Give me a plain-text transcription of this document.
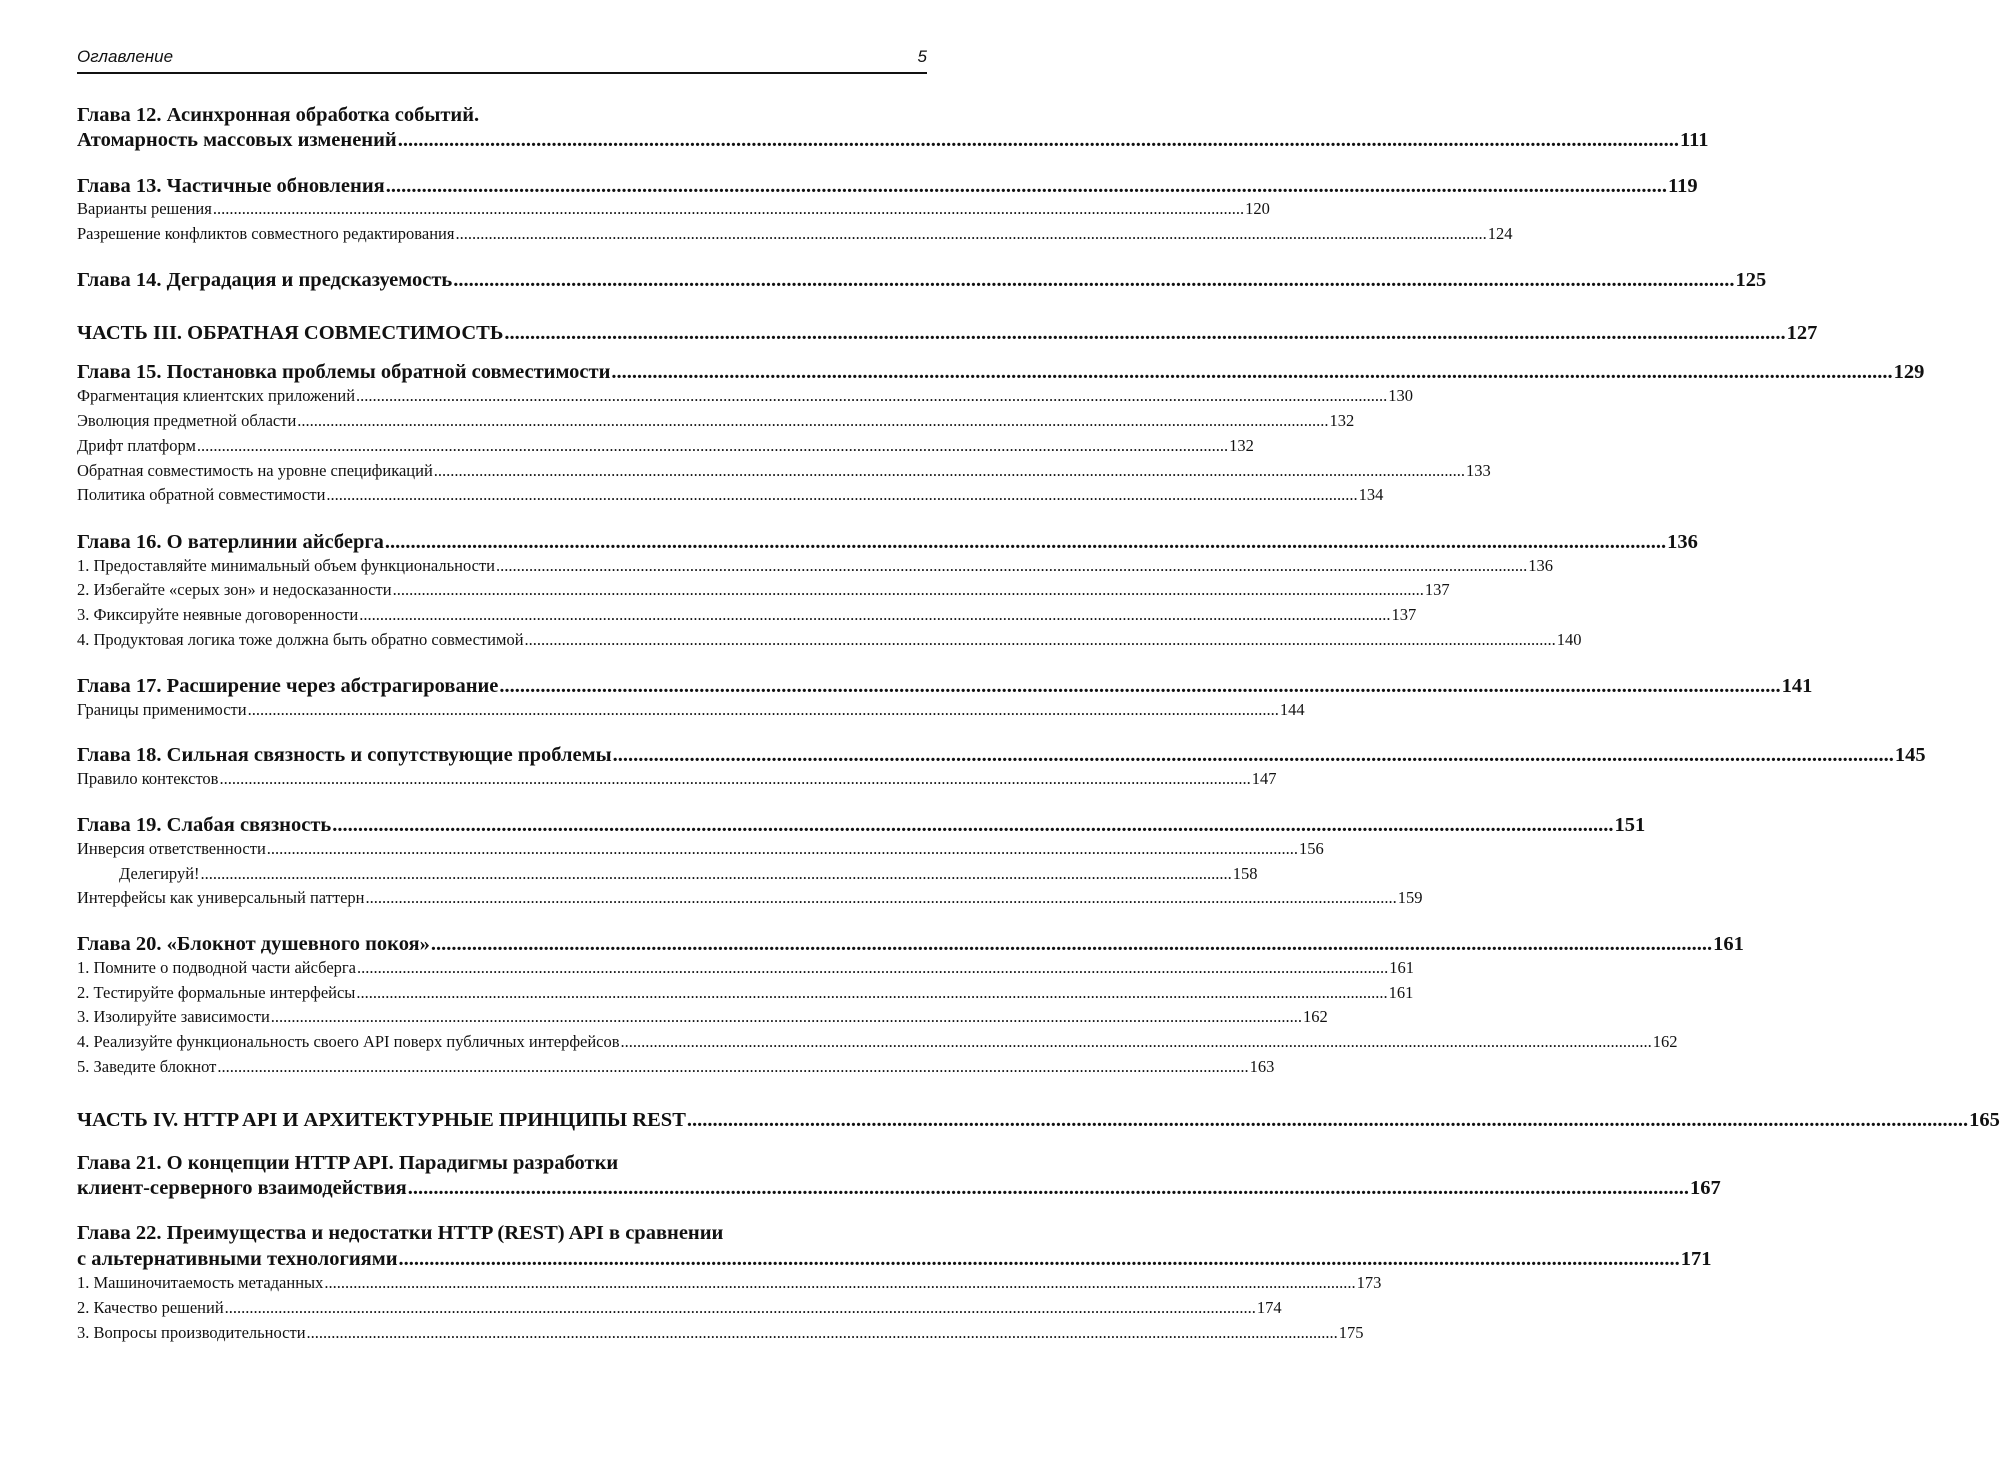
Оглавление	5
Глава 12. Асинхронная обработка событий.
Атомарность массовых изменений .......................................................................................................................................................................................................................................................... 111
Глава 13. Частичные обновления .......................................................................................................................................................................................................................................................... 119
Варианты решения .......................................................................................................................................................................................................................................................... 120
Разрешение конфликтов совместного редактирования .......................................................................................................................................................................................................................................................... 124
Глава 14. Деградация и предсказуемость .......................................................................................................................................................................................................................................................... 125
ЧАСТЬ III. ОБРАТНАЯ СОВМЕСТИМОСТЬ .......................................................................................................................................................................................................................................................... 127
Глава 15. Постановка проблемы обратной совместимости .......................................................................................................................................................................................................................................................... 129
Фрагментация клиентских приложений .......................................................................................................................................................................................................................................................... 130
Эволюция предметной области .......................................................................................................................................................................................................................................................... 132
Дрифт платформ .......................................................................................................................................................................................................................................................... 132
Обратная совместимость на уровне спецификаций .......................................................................................................................................................................................................................................................... 133
Политика обратной совместимости .......................................................................................................................................................................................................................................................... 134
Глава 16. О ватерлинии айсберга .......................................................................................................................................................................................................................................................... 136
1. Предоставляйте минимальный объем функциональности .......................................................................................................................................................................................................................................................... 136
2. Избегайте «серых зон» и недосказанности .......................................................................................................................................................................................................................................................... 137
3. Фиксируйте неявные договоренности .......................................................................................................................................................................................................................................................... 137
4. Продуктовая логика тоже должна быть обратно совместимой .......................................................................................................................................................................................................................................................... 140
Глава 17. Расширение через абстрагирование .......................................................................................................................................................................................................................................................... 141
Границы применимости .......................................................................................................................................................................................................................................................... 144
Глава 18. Сильная связность и сопутствующие проблемы .......................................................................................................................................................................................................................................................... 145
Правило контекстов .......................................................................................................................................................................................................................................................... 147
Глава 19. Слабая связность .......................................................................................................................................................................................................................................................... 151
Инверсия ответственности .......................................................................................................................................................................................................................................................... 156
Делегируй! .......................................................................................................................................................................................................................................................... 158
Интерфейсы как универсальный паттерн .......................................................................................................................................................................................................................................................... 159
Глава 20. «Блокнот душевного покоя» .......................................................................................................................................................................................................................................................... 161
1. Помните о подводной части айсберга .......................................................................................................................................................................................................................................................... 161
2. Тестируйте формальные интерфейсы .......................................................................................................................................................................................................................................................... 161
3. Изолируйте зависимости .......................................................................................................................................................................................................................................................... 162
4. Реализуйте функциональность своего API поверх публичных интерфейсов .......................................................................................................................................................................................................................................................... 162
5. Заведите блокнот .......................................................................................................................................................................................................................................................... 163
ЧАСТЬ IV. HTTP API И АРХИТЕКТУРНЫЕ ПРИНЦИПЫ REST .......................................................................................................................................................................................................................................................... 165
Глава 21. О концепции HTTP API. Парадигмы разработки
клиент-серверного взаимодействия .......................................................................................................................................................................................................................................................... 167
Глава 22. Преимущества и недостатки HTTP (REST) API в сравнении
с альтернативными технологиями .......................................................................................................................................................................................................................................................... 171
1. Машиночитаемость метаданных .......................................................................................................................................................................................................................................................... 173
2. Качество решений .......................................................................................................................................................................................................................................................... 174
3. Вопросы производительности .......................................................................................................................................................................................................................................................... 175
